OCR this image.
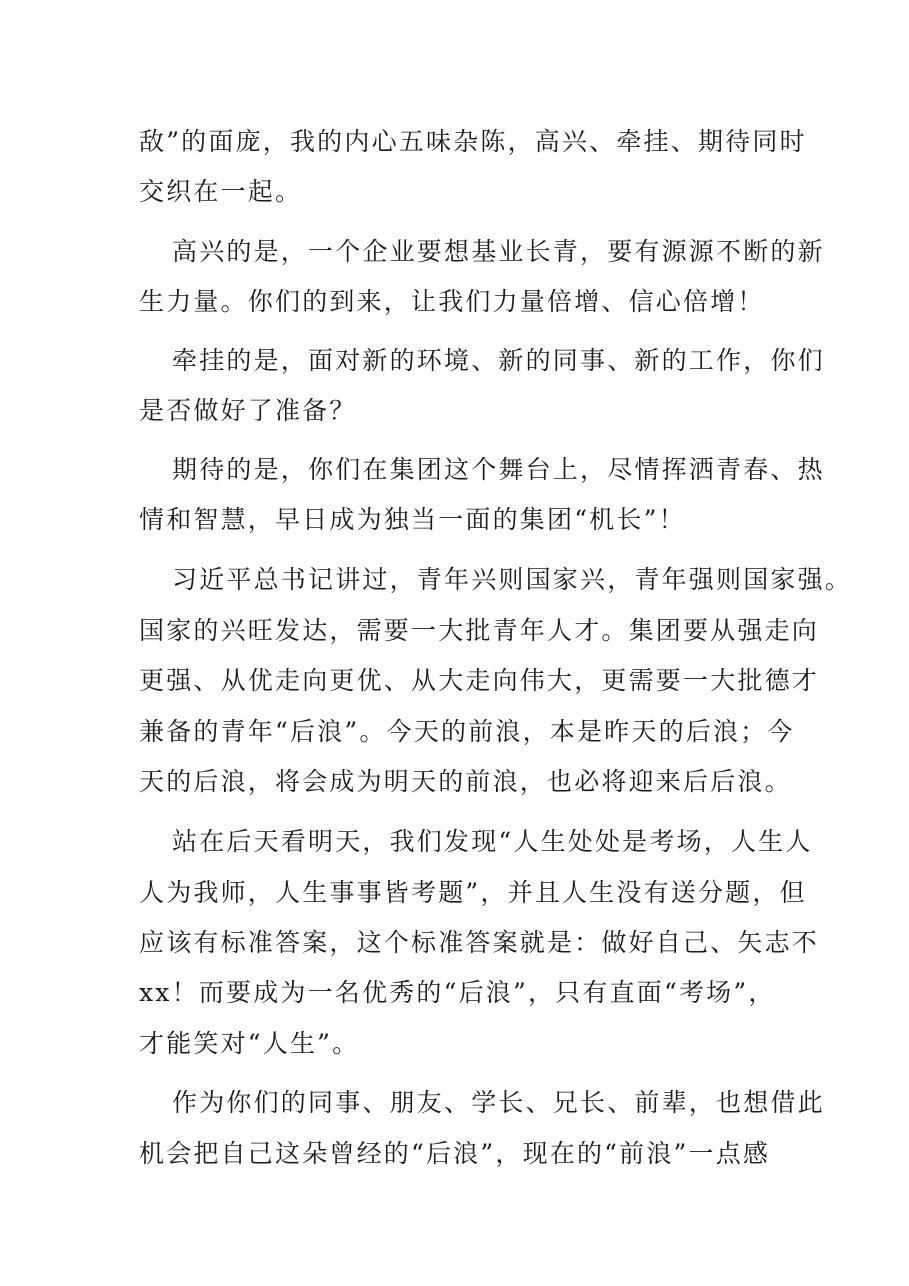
敌”的面庞，我的内心五味杂陈，高兴、牵挂、期待同时

交织在一起。

高兴的是，一个企业要想基业长青，要有源源不断的新

生力量。你们的到来，让我们力量倍增、信心倍增！

牵挂的是，面对新的环境、新的同事、新的工作，你们

是否做好了准备？

期待的是，你们在集团这个舞台上，尽情挥洒青春、热

情和智慧，早日成为独当一面的集团“机长”！

习近平总书记讲过，青年兴则国家兴，青年强则国家强。

国家的兴旺发达，需要一大批青年人才。集团要从强走向

更强、从优走向更优、从大走向伟大，更需要一大批德才

兼备的青年“后浪”。今天的前浪，本是昨天的后浪；今

天的后浪，将会成为明天的前浪，也必将迎来后后浪。

站在后天看明天，我们发现“人生处处是考场，人生人

人为我师，人生事事皆考题”，并且人生没有送分题，但

应该有标准答案，这个标准答案就是：做好自己、矢志不

xx！而要成为一名优秀的“后浪”，只有直面“考场”，

才能笑对“人生”。

作为你们的同事、朋友、学长、兄长、前辈，也想借此

机会把自己这朵曾经的“后浪”，现在的“前浪”一点感
